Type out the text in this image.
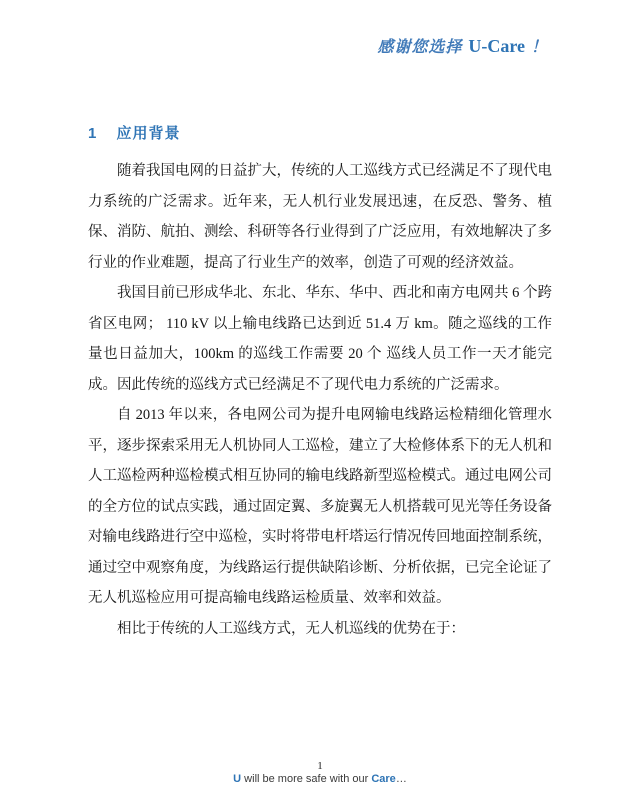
感谢您选择 U-Care ！
1 应用背景

随着我国电网的日益扩大，传统的人工巡线方式已经满足不了现代电力系统的广泛需求。近年来，无人机行业发展迅速，在反恐、警务、植保、消防、航拍、测绘、科研等各行业得到了广泛应用，有效地解决了多行业的作业难题，提高了行业生产的效率，创造了可观的经济效益。

我国目前已形成华北、东北、华东、华中、西北和南方电网共 6 个跨省区电网； 110 kV 以上输电线路已达到近 51.4 万 km。随之巡线的工作量也日益加大，100km 的巡线工作需要 20 个 巡线人员工作一天才能完成。因此传统的巡线方式已经满足不了现代电力系统的广泛需求。

自 2013 年以来，各电网公司为提升电网输电线路运检精细化管理水平，逐步探索采用无人机协同人工巡检，建立了大检修体系下的无人机和人工巡检两种巡检模式相互协同的输电线路新型巡检模式。通过电网公司的全方位的试点实践，通过固定翼、多旋翼无人机搭载可见光等任务设备对输电线路进行空中巡检，实时将带电杆塔运行情况传回地面控制系统，通过空中观察角度，为线路运行提供缺陷诊断、分析依据，已完全论证了无人机巡检应用可提高输电线路运检质量、效率和效益。

相比于传统的人工巡线方式，无人机巡线的优势在于：

1
U will be more safe with our Care…
